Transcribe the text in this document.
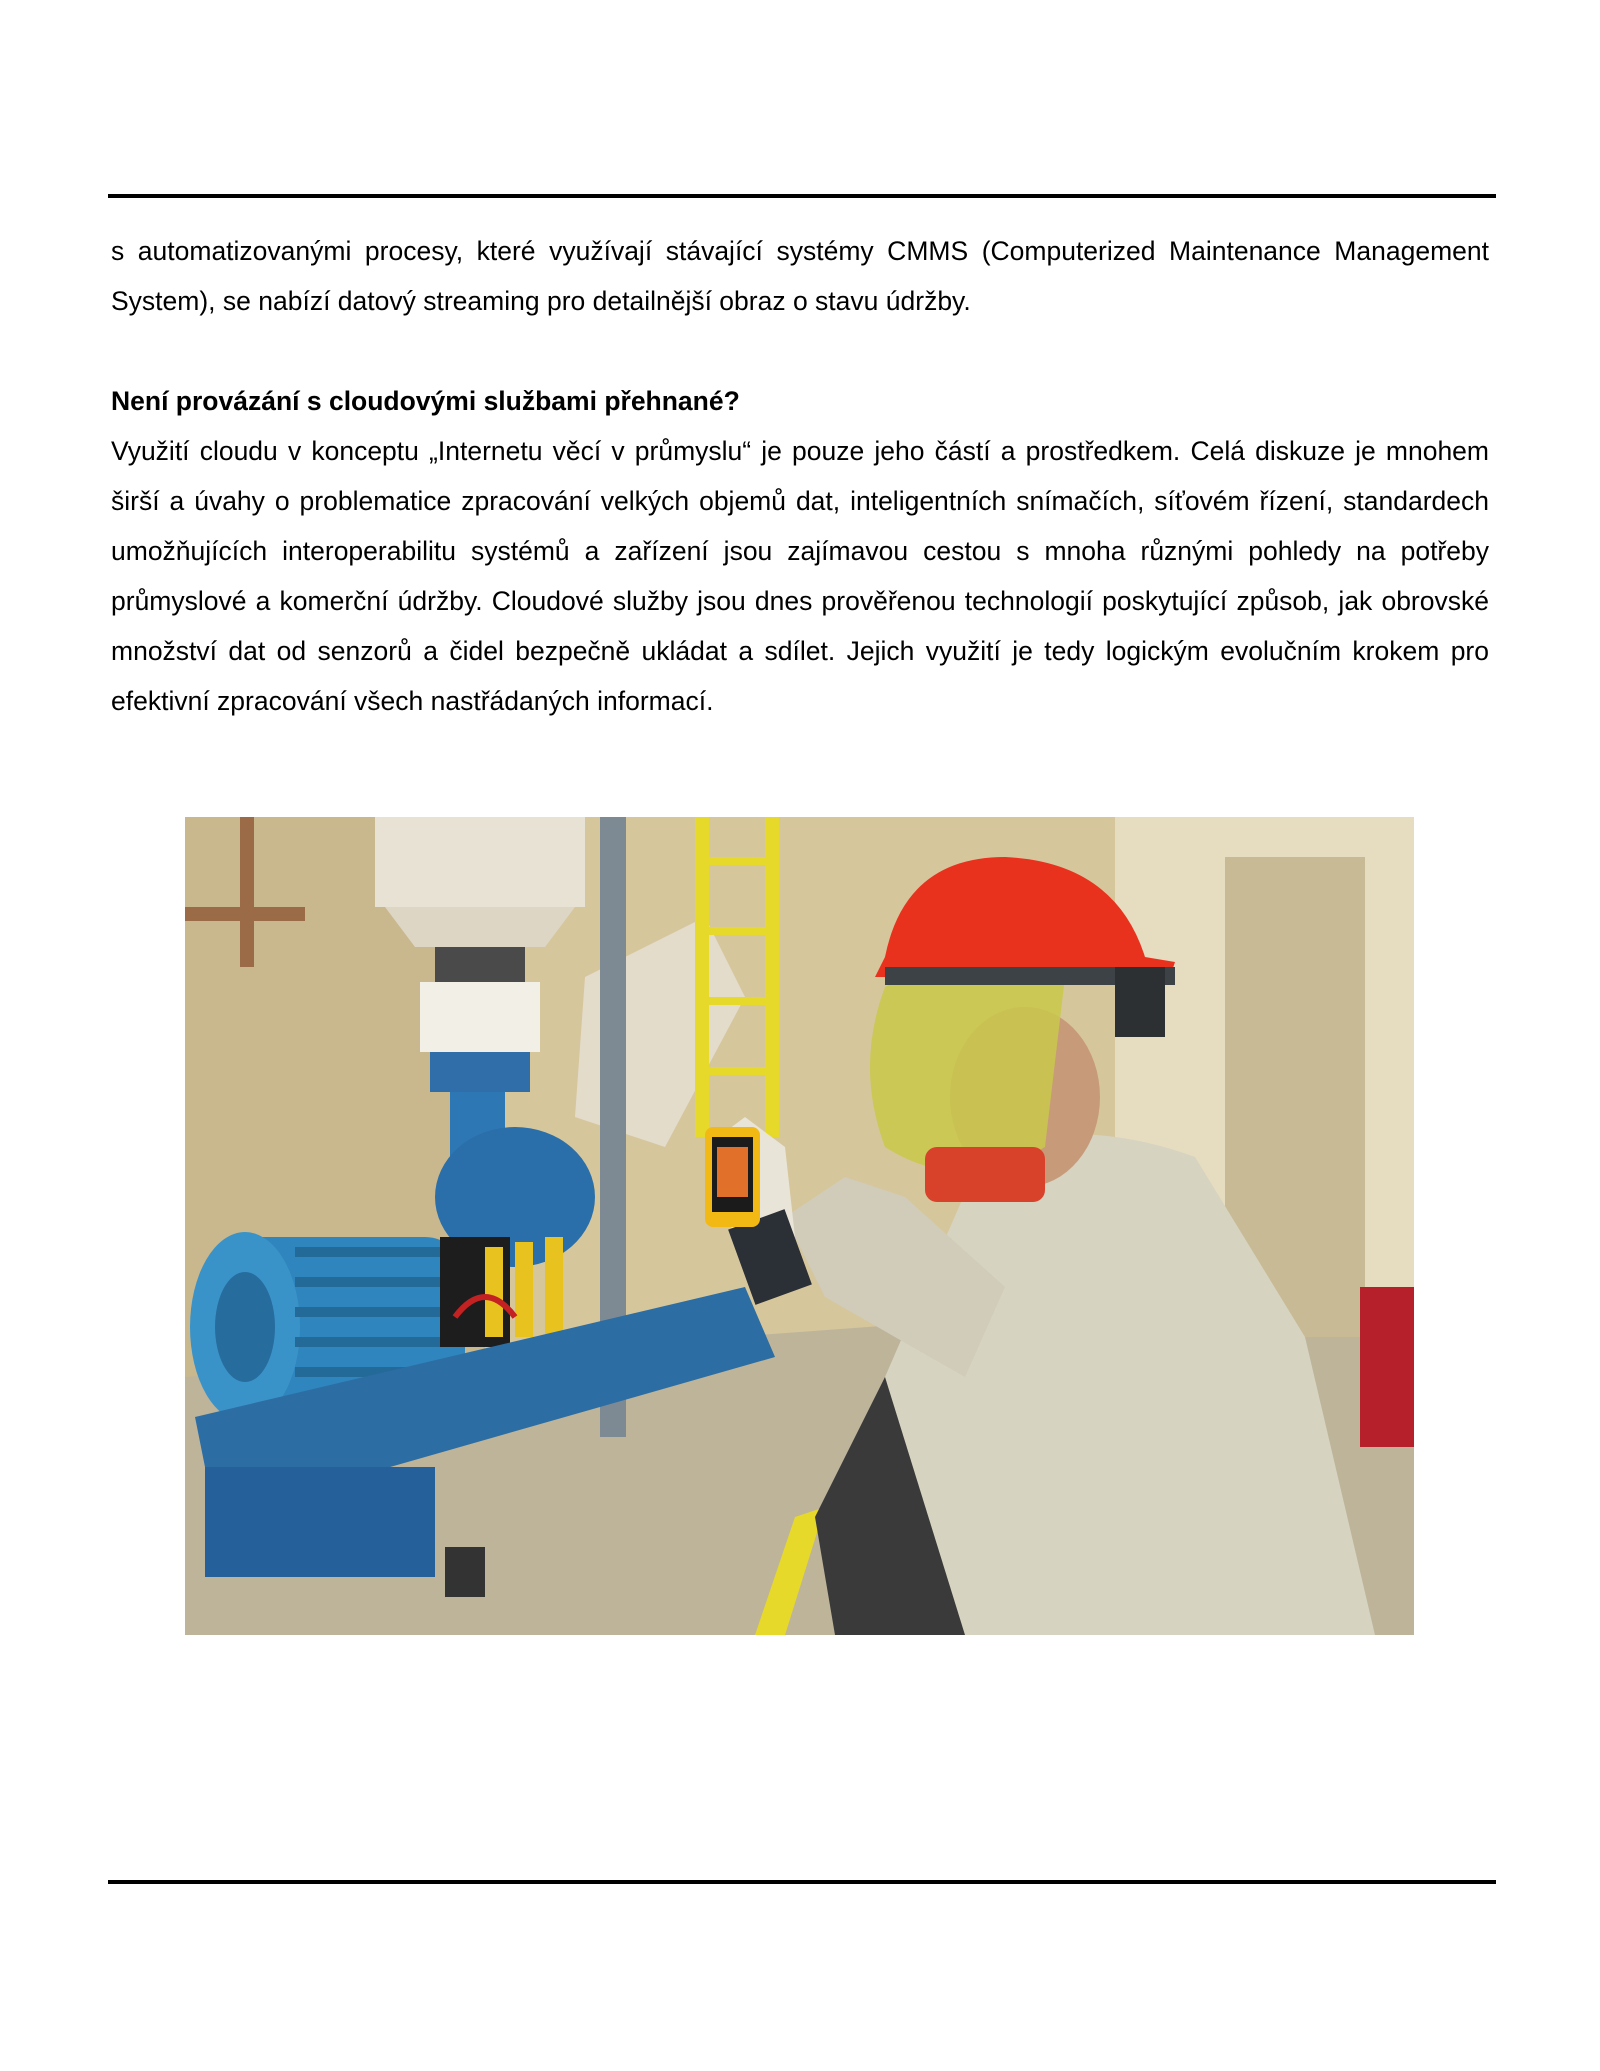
s automatizovanými procesy, které využívají stávající systémy CMMS (Computerized Maintenance Management System), se nabízí datový streaming pro detailnější obraz o stavu údržby.

Není provázání s cloudovými službami přehnané?

Využití cloudu v konceptu „Internetu věcí v průmyslu“ je pouze jeho částí a prostředkem. Celá diskuze je mnohem širší a úvahy o problematice zpracování velkých objemů dat, inteligentních snímačích, síťovém řízení, standardech umožňujících interoperabilitu systémů a zařízení jsou zajímavou cestou s mnoha různými pohledy na potřeby průmyslové a komerční údržby. Cloudové služby jsou dnes prověřenou technologií poskytující způsob, jak obrovské množství dat od senzorů a čidel bezpečně ukládat a sdílet. Jejich využití je tedy logickým evolučním krokem pro efektivní zpracování všech nastřádaných informací.
